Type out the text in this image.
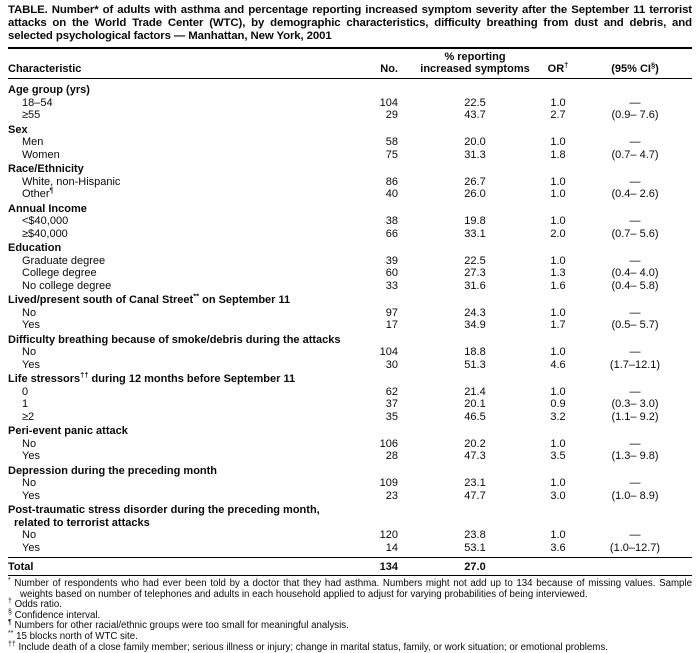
TABLE. Number* of adults with asthma and percentage reporting increased symptom severity after the September 11 terrorist attacks on the World Trade Center (WTC), by demographic characteristics, difficulty breathing from dust and debris, and selected psychological factors — Manhattan, New York, 2001
% reporting
Characteristic	No.	increased symptoms	OR†	(95% CI§)
Age group (yrs)
18–54	104	22.5	1.0	—
≥55	29	43.7	2.7	(0.9– 7.6)
Sex
Men	58	20.0	1.0	—
Women	75	31.3	1.8	(0.7– 4.7)
Race/Ethnicity
White, non-Hispanic	86	26.7	1.0	—
Other¶	40	26.0	1.0	(0.4– 2.6)
Annual Income
<$40,000	38	19.8	1.0	—
≥$40,000	66	33.1	2.0	(0.7– 5.6)
Education
Graduate degree	39	22.5	1.0	—
College degree	60	27.3	1.3	(0.4– 4.0)
No college degree	33	31.6	1.6	(0.4– 5.8)
Lived/present south of Canal Street** on September 11
No	97	24.3	1.0	—
Yes	17	34.9	1.7	(0.5– 5.7)
Difficulty breathing because of smoke/debris during the attacks
No	104	18.8	1.0	—
Yes	30	51.3	4.6	(1.7–12.1)
Life stressors†† during 12 months before September 11
0	62	21.4	1.0	—
1	37	20.1	0.9	(0.3– 3.0)
≥2	35	46.5	3.2	(1.1– 9.2)
Peri-event panic attack
No	106	20.2	1.0	—
Yes	28	47.3	3.5	(1.3– 9.8)
Depression during the preceding month
No	109	23.1	1.0	—
Yes	23	47.7	3.0	(1.0– 8.9)
Post-traumatic stress disorder during the preceding month,
related to terrorist attacks
No	120	23.8	1.0	—
Yes	14	53.1	3.6	(1.0–12.7)
Total	134	27.0
* Number of respondents who had ever been told by a doctor that they had asthma. Numbers might not add up to 134 because of missing values. Sample weights based on number of telephones and adults in each household applied to adjust for varying probabilities of being interviewed.
† Odds ratio.
§ Confidence interval.
¶ Numbers for other racial/ethnic groups were too small for meaningful analysis.
** 15 blocks north of WTC site.
†† Include death of a close family member; serious illness or injury; change in marital status, family, or work situation; or emotional problems.
